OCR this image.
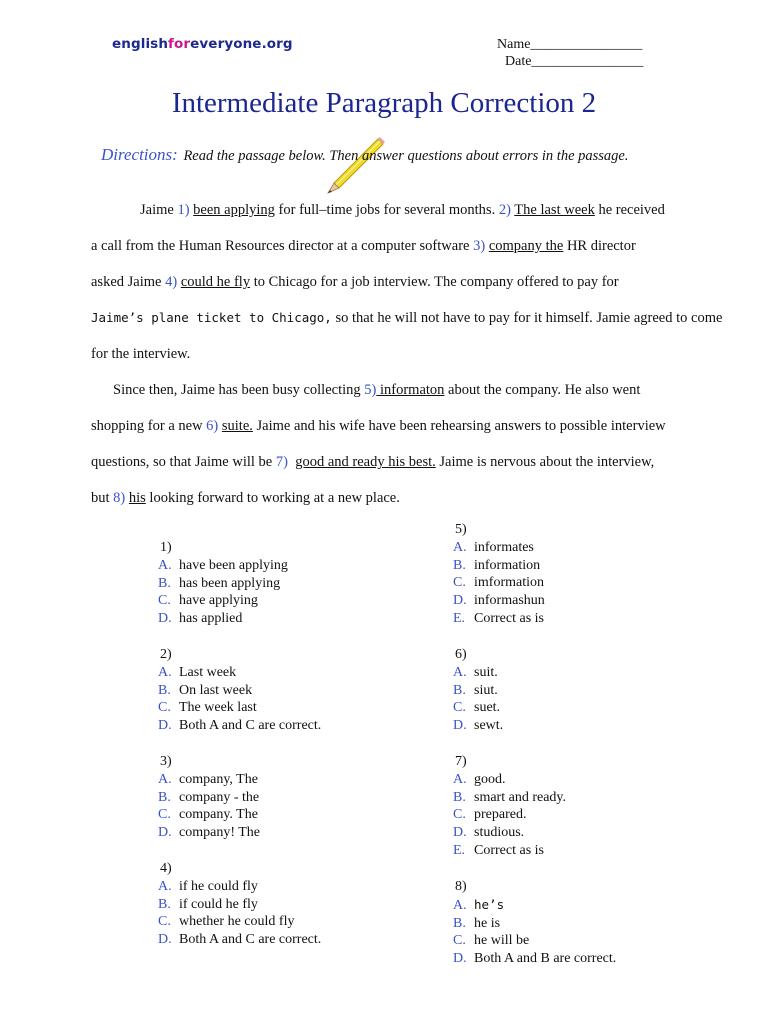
englishforeveryone.org	Name________________
Date________________
Intermediate Paragraph Correction 2
Directions: Read the passage below. Then answer questions about errors in the passage.
Jaime 1) been applying for full–time jobs for several months. 2) The last week he received
a call from the Human Resources director at a computer software 3) company the HR director
asked Jaime 4) could he fly to Chicago for a job interview. The company offered to pay for
Jaime’s plane ticket to Chicago, so that he will not have to pay for it himself. Jamie agreed to come
for the interview.
Since then, Jaime has been busy collecting 5) informaton about the company. He also went
shopping for a new 6) suite. Jaime and his wife have been rehearsing answers to possible interview
questions, so that Jaime will be 7) good and ready his best. Jaime is nervous about the interview,
but 8) his looking forward to working at a new place.
1)
A. have been applying
B. has been applying
C. have applying
D. has applied
2)
A. Last week
B. On last week
C. The week last
D. Both A and C are correct.
3)
A. company, The
B. company - the
C. company. The
D. company! The
4)
A. if he could fly
B. if could he fly
C. whether he could fly
D. Both A and C are correct.
5)
A. informates
B. information
C. imformation
D. informashun
E. Correct as is
6)
A. suit.
B. siut.
C. suet.
D. sewt.
7)
A. good.
B. smart and ready.
C. prepared.
D. studious.
E. Correct as is
8)
A. he’s
B. he is
C. he will be
D. Both A and B are correct.
